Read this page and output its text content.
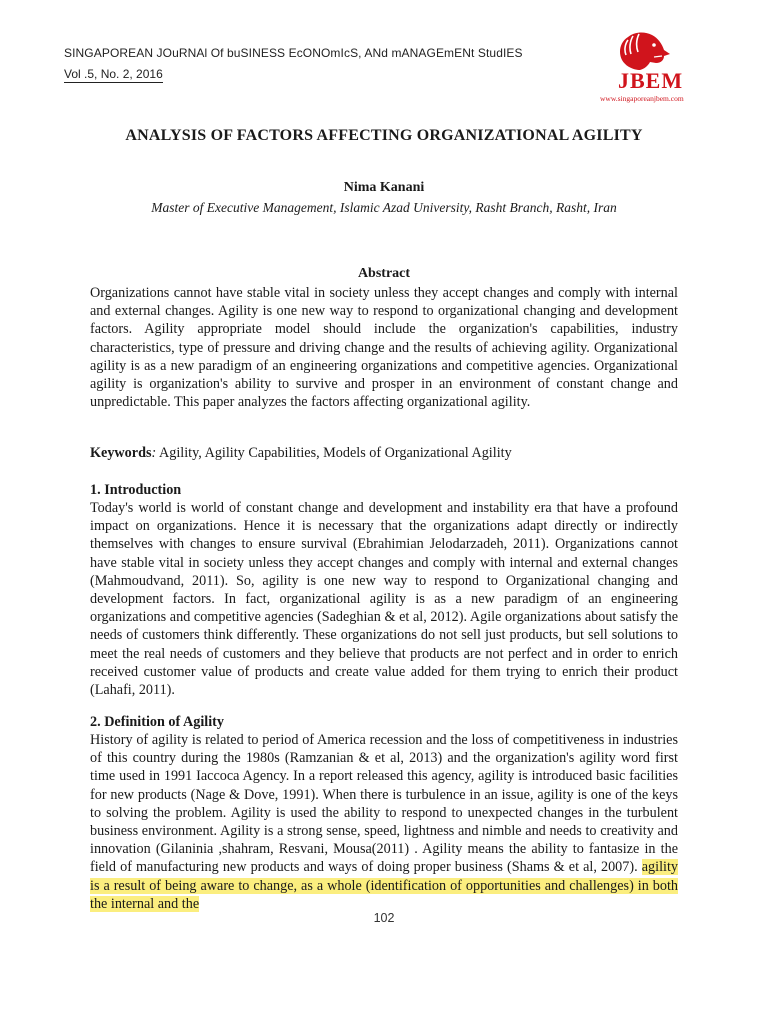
SINGAPOREAN JOuRNAl Of buSINESS EcONOmIcS, ANd mANAGEmENt StudIES
Vol .5, No. 2, 2016	JBEM
www.singaporeanjbem.com
ANALYSIS OF FACTORS AFFECTING ORGANIZATIONAL AGILITY
Nima Kanani
Master of Executive Management, Islamic Azad University, Rasht Branch, Rasht, Iran
Abstract
Organizations cannot have stable vital in society unless they accept changes and comply with internal and external changes. Agility is one new way to respond to organizational changing and development factors. Agility appropriate model should include the organization's capabilities, industry characteristics, type of pressure and driving change and the results of achieving agility. Organizational agility is as a new paradigm of an engineering organizations and competitive agencies. Organizational agility is organization's ability to survive and prosper in an environment of constant change and unpredictable. This paper analyzes the factors affecting organizational agility.
Keywords: Agility, Agility Capabilities, Models of Organizational Agility
1. Introduction
Today's world is world of constant change and development and instability era that have a profound impact on organizations. Hence it is necessary that the organizations adapt directly or indirectly themselves with changes to ensure survival (Ebrahimian Jelodarzadeh, 2011). Organizations cannot have stable vital in society unless they accept changes and comply with internal and external changes (Mahmoudvand, 2011). So, agility is one new way to respond to Organizational changing and development factors. In fact, organizational agility is as a new paradigm of an engineering organizations and competitive agencies (Sadeghian & et al, 2012). Agile organizations about satisfy the needs of customers think differently. These organizations do not sell just products, but sell solutions to meet the real needs of customers and they believe that products are not perfect and in order to enrich received customer value of products and create value added for them trying to enrich their product (Lahafi, 2011).
2. Definition of Agility
History of agility is related to period of America recession and the loss of competitiveness in industries of this country during the 1980s (Ramzanian & et al, 2013) and the organization's agility word first time used in 1991 Iaccoca Agency. In a report released this agency, agility is introduced basic facilities for new products (Nage & Dove, 1991). When there is turbulence in an issue, agility is one of the keys to solving the problem. Agility is used the ability to respond to unexpected changes in the turbulent business environment. Agility is a strong sense, speed, lightness and nimble and needs to creativity and innovation (Gilaninia ,shahram, Resvani, Mousa(2011) . Agility means the ability to fantasize in the field of manufacturing new products and ways of doing proper business (Shams & et al, 2007). agility is a result of being aware to change, as a whole (identification of opportunities and challenges) in both the internal and the
102
